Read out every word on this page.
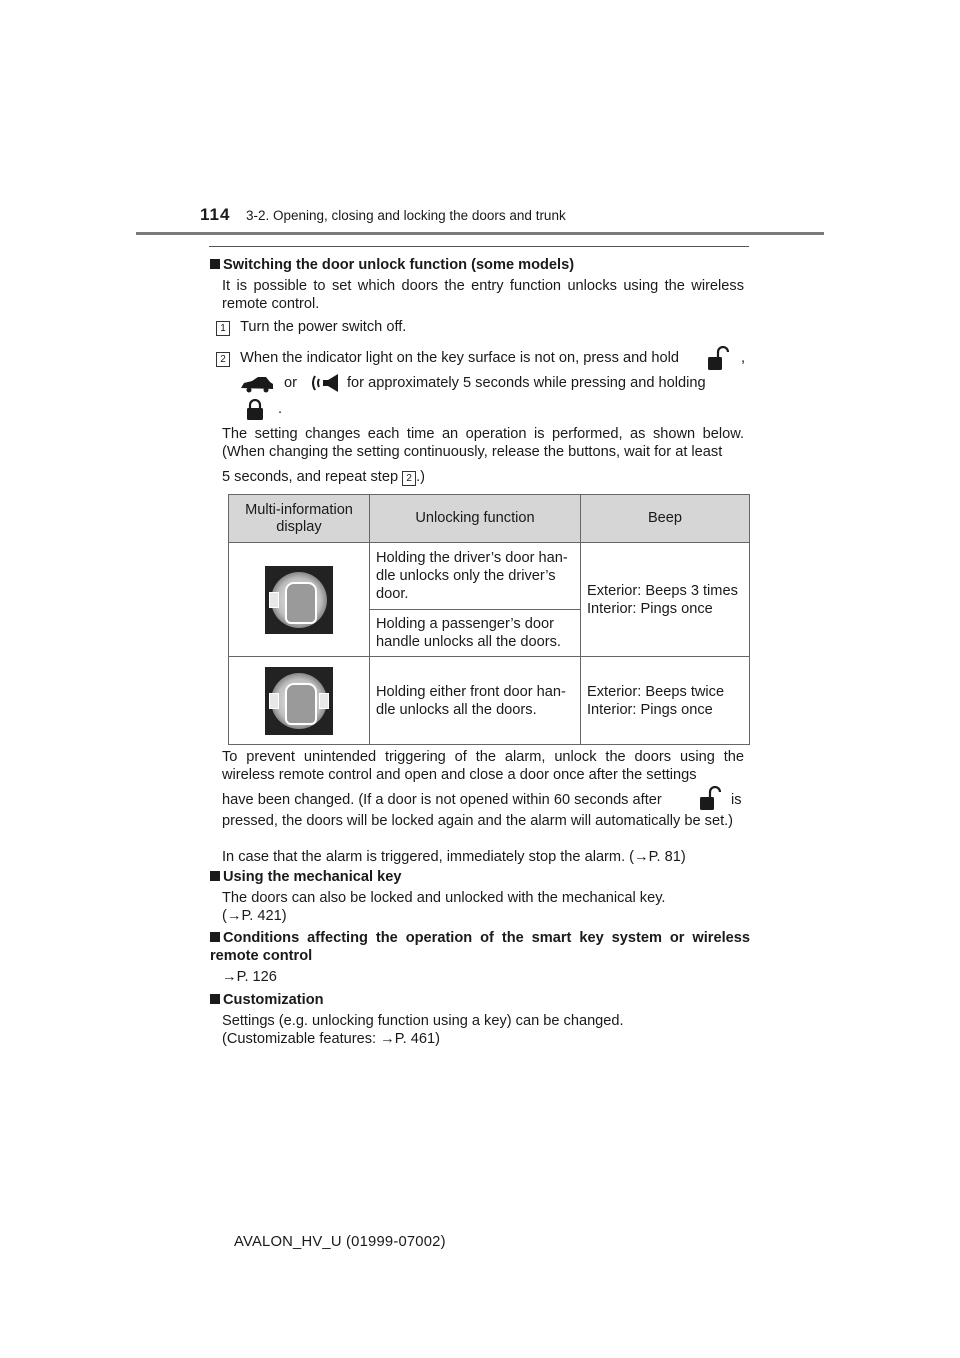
114 3-2. Opening, closing and locking the doors and trunk
Switching the door unlock function (some models)
It is possible to set which doors the entry function unlocks using the wireless remote control.
1 Turn the power switch off.
2 When the indicator light on the key surface is not on, press and hold	,
or	for approximately 5 seconds while pressing and holding
.
The setting changes each time an operation is performed, as shown below. (When changing the setting continuously, release the buttons, wait for at least
5 seconds, and repeat step 2 .)
Multi-information display	Unlocking function	Beep

	Holding the driver’s door han-dle unlocks only the driver’s door.	Exterior: Beeps 3 times
Interior: Pings once
	Holding a passenger’s door handle unlocks all the doors.	

	Holding either front door han-dle unlocks all the doors.	Exterior: Beeps twice
Interior: Pings once
To prevent unintended triggering of the alarm, unlock the doors using the wireless remote control and open and close a door once after the settings
have been changed. (If a door is not opened within 60 seconds after	is
pressed, the doors will be locked again and the alarm will automatically be set.)
In case that the alarm is triggered, immediately stop the alarm. (→P. 81)
Using the mechanical key
The doors can also be locked and unlocked with the mechanical key.
(→P. 421)
Conditions affecting the operation of the smart key system or wireless remote control
→P. 126
Customization
Settings (e.g. unlocking function using a key) can be changed.
(Customizable features: →P. 461)
AVALON_HV_U (01999-07002)
